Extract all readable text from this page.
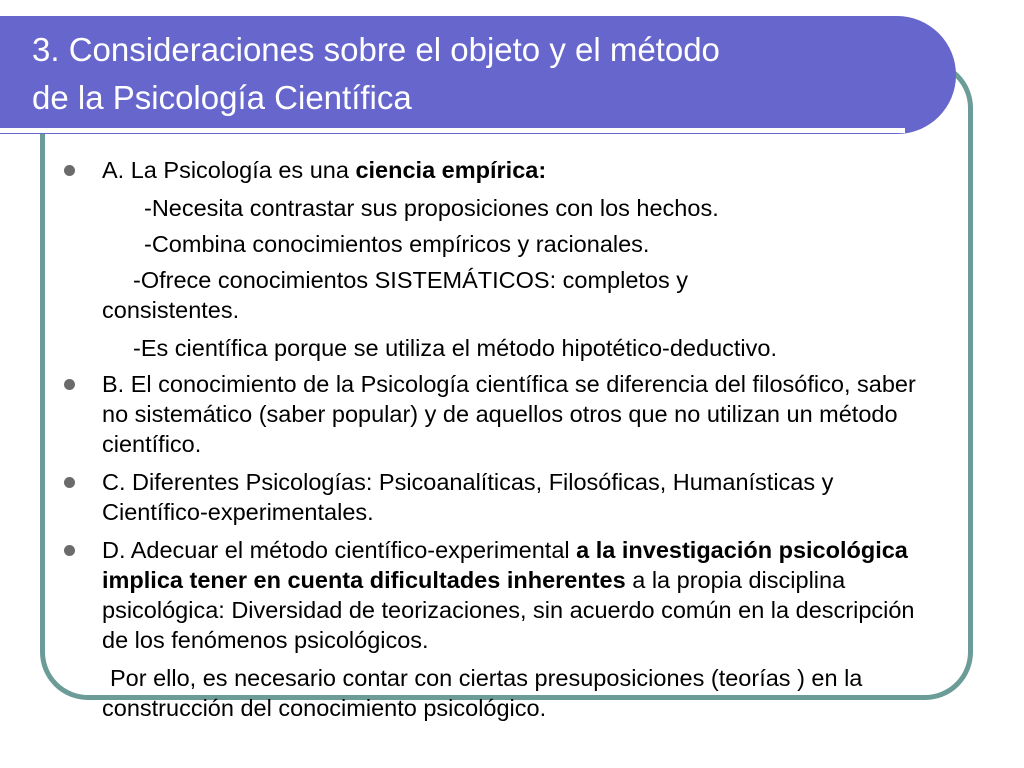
3. Consideraciones sobre el objeto y el método
de la Psicología Científica
A. La Psicología es una ciencia empírica:
-Necesita contrastar sus proposiciones con los hechos.
-Combina conocimientos empíricos y racionales.
-Ofrece conocimientos SISTEMÁTICOS: completos y
consistentes.
-Es científica porque se utiliza el método hipotético-deductivo.
B. El conocimiento de la Psicología científica se diferencia del filosófico, saber no sistemático (saber popular) y de aquellos otros que no utilizan un método científico.
C. Diferentes Psicologías: Psicoanalíticas, Filosóficas, Humanísticas y Científico-experimentales.
D. Adecuar el método científico-experimental a la investigación psicológica implica tener en cuenta dificultades inherentes a la propia disciplina psicológica: Diversidad de teorizaciones, sin acuerdo común en la descripción de los fenómenos psicológicos.
Por ello, es necesario contar con ciertas presuposiciones (teorías ) en la construcción del conocimiento psicológico.
